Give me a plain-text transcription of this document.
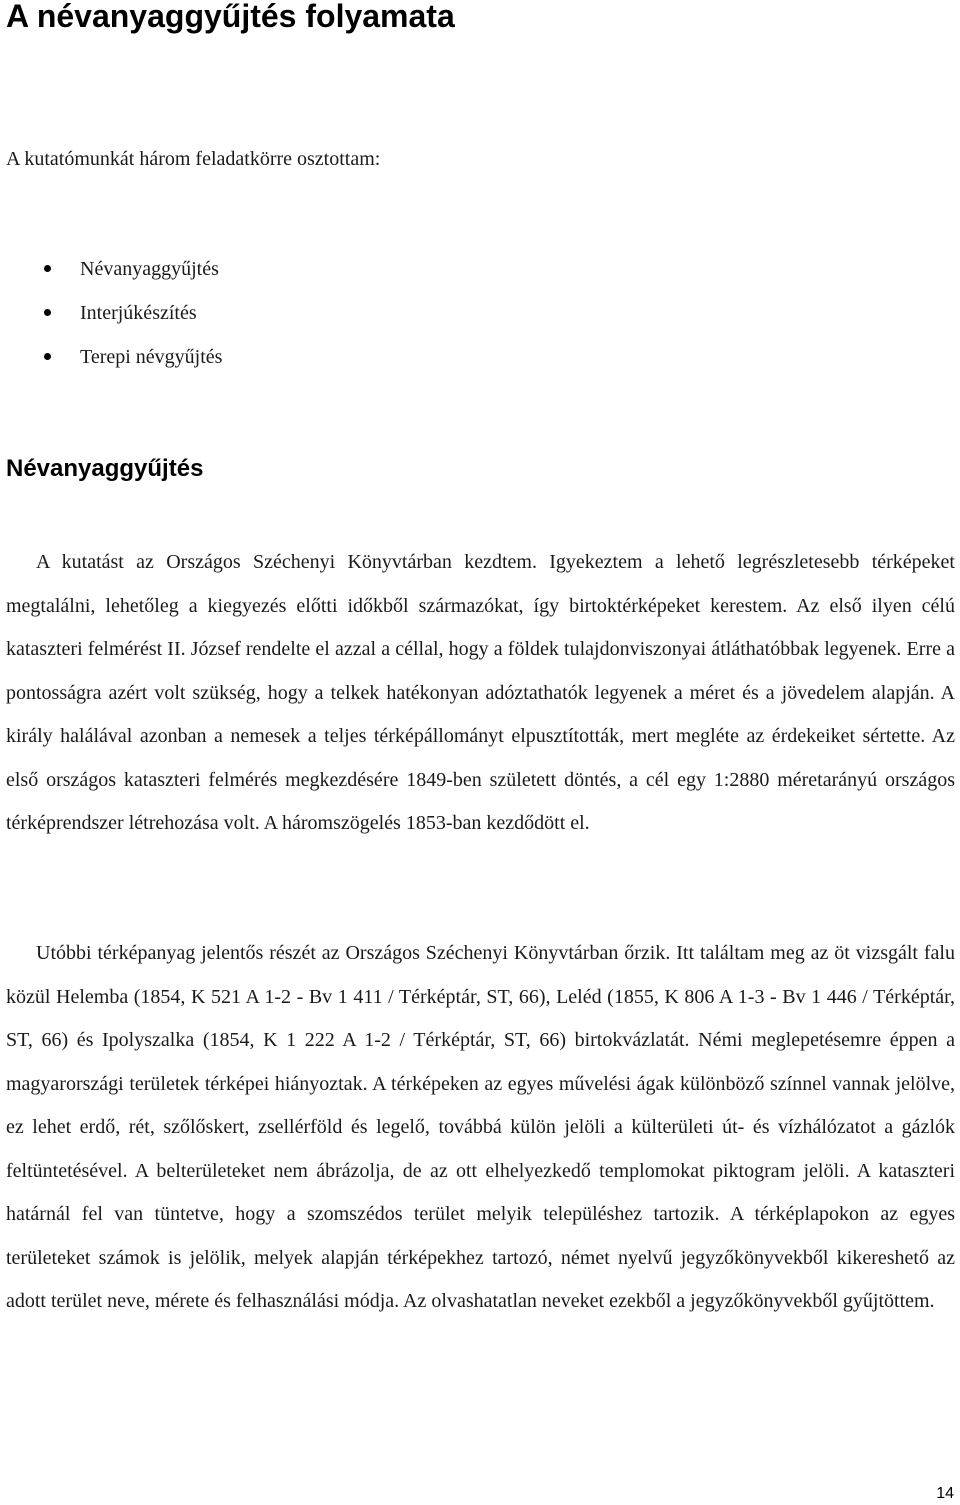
A névanyaggyűjtés folyamata

A kutatómunkát három feladatkörre osztottam:

Névanyaggyűjtés
Interjúkészítés
Terepi névgyűjtés
Névanyaggyűjtés

A kutatást az Országos Széchenyi Könyvtárban kezdtem. Igyekeztem a lehető legrészletesebb térképeket megtalálni, lehetőleg a kiegyezés előtti időkből származókat, így birtoktérképeket kerestem. Az első ilyen célú kataszteri felmérést II. József rendelte el azzal a céllal, hogy a földek tulajdonviszonyai átláthatóbbak legyenek. Erre a pontosságra azért volt szükség, hogy a telkek hatékonyan adóztathatók legyenek a méret és a jövedelem alapján. A király halálával azonban a nemesek a teljes térképállományt elpusztították, mert megléte az érdekeiket sértette. Az első országos kataszteri felmérés megkezdésére 1849-ben született döntés, a cél egy 1:2880 méretarányú országos térképrendszer létrehozása volt. A háromszögelés 1853-ban kezdődött el.

Utóbbi térképanyag jelentős részét az Országos Széchenyi Könyvtárban őrzik. Itt találtam meg az öt vizsgált falu közül Helemba (1854, K 521 A 1-2 - Bv 1 411 / Térképtár, ST, 66), Leléd (1855, K 806 A 1-3 - Bv 1 446 / Térképtár, ST, 66) és Ipolyszalka (1854, K 1 222 A 1-2 / Térképtár, ST, 66) birtokvázlatát. Némi meglepetésemre éppen a magyarországi területek térképei hiányoztak. A térképeken az egyes művelési ágak különböző színnel vannak jelölve, ez lehet erdő, rét, szőlőskert, zsellérföld és legelő, továbbá külön jelöli a külterületi út- és vízhálózatot a gázlók feltüntetésével. A belterületeket nem ábrázolja, de az ott elhelyezkedő templomokat piktogram jelöli. A kataszteri határnál fel van tüntetve, hogy a szomszédos terület melyik településhez tartozik. A térképlapokon az egyes területeket számok is jelölik, melyek alapján térképekhez tartozó, német nyelvű jegyzőkönyvekből kikereshető az adott terület neve, mérete és felhasználási módja. Az olvashatatlan neveket ezekből a jegyzőkönyvekből gyűjtöttem.

14
